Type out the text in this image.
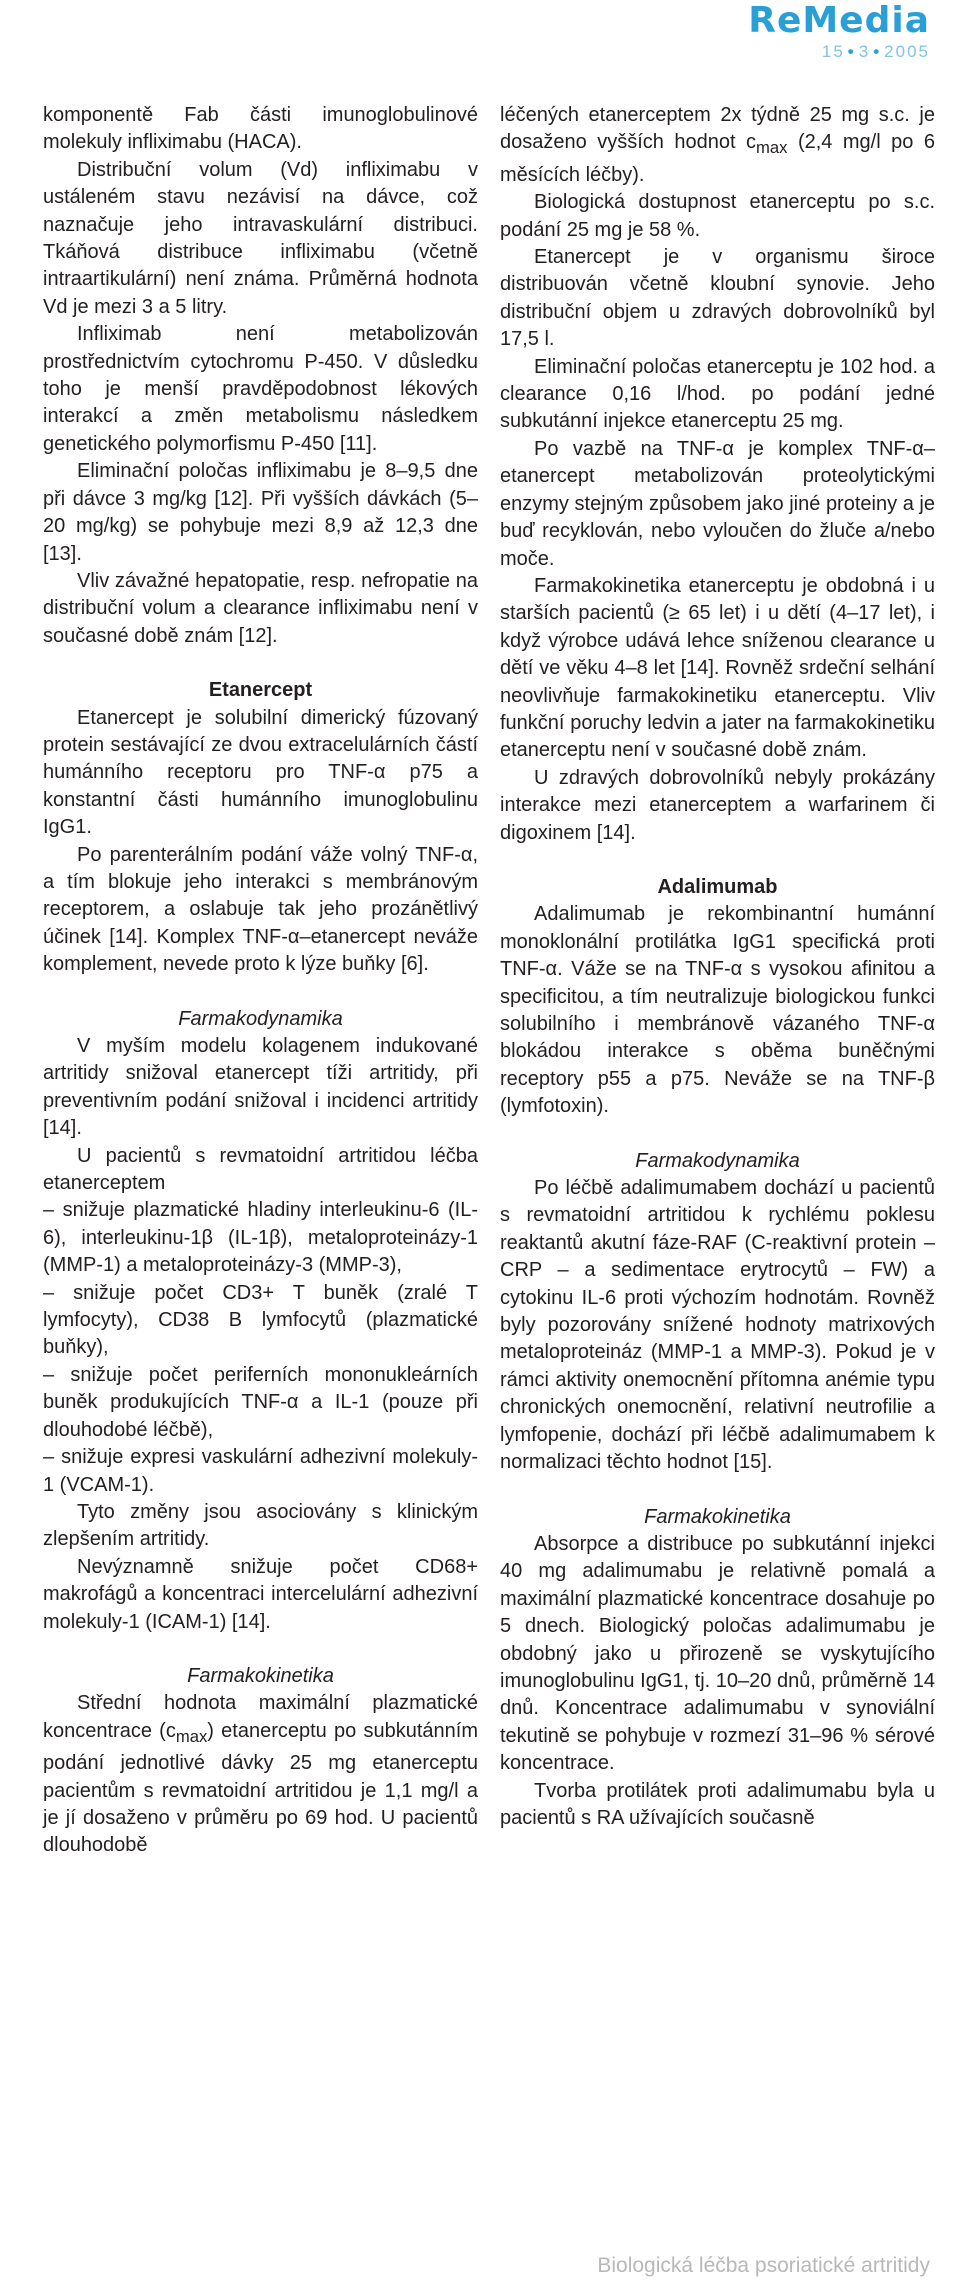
ReMedia
15 • 3 • 2005

komponentě Fab části imunoglobulinové molekuly infliximabu (HACA).

Distribuční volum (Vd) infliximabu v ustáleném stavu nezávisí na dávce, což naznačuje jeho intravaskulární distribuci. Tkáňová distribuce infliximabu (včetně intraartikulární) není známa. Průměrná hodnota Vd je mezi 3 a 5 litry.

Infliximab není metabolizován prostřednictvím cytochromu P-450. V důsledku toho je menší pravděpodobnost lékových interakcí a změn metabolismu následkem genetického polymorfismu P-450 [11].

Eliminační poločas infliximabu je 8–9,5 dne při dávce 3 mg/kg [12]. Při vyšších dávkách (5–20 mg/kg) se pohybuje mezi 8,9 až 12,3 dne [13].

Vliv závažné hepatopatie, resp. nefropatie na distribuční volum a clearance infliximabu není v současné době znám [12].

Etanercept

Etanercept je solubilní dimerický fúzovaný protein sestávající ze dvou extracelulárních částí humánního receptoru pro TNF-α p75 a konstantní části humánního imunoglobulinu IgG1.

Po parenterálním podání váže volný TNF-α, a tím blokuje jeho interakci s membránovým receptorem, a oslabuje tak jeho prozánětlivý účinek [14]. Komplex TNF-α–etanercept neváže komplement, nevede proto k lýze buňky [6].

Farmakodynamika

V myším modelu kolagenem indukované artritidy snižoval etanercept tíži artritidy, při preventivním podání snižoval i incidenci artritidy [14].

U pacientů s revmatoidní artritidou léčba etanerceptem

– snižuje plazmatické hladiny interleukinu-6 (IL-6), interleukinu-1β (IL-1β), metaloproteinázy-1 (MMP-1) a metaloproteinázy-3 (MMP-3),
– snižuje počet CD3+ T buněk (zralé T lymfocyty), CD38 B lymfocytů (plazmatické buňky),
– snižuje počet periferních mononukleárních buněk produkujících TNF-α a IL-1 (pouze při dlouhodobé léčbě),
– snižuje expresi vaskulární adhezivní molekuly-1 (VCAM-1).

Tyto změny jsou asociovány s klinickým zlepšením artritidy.

Nevýznamně snižuje počet CD68+ makrofágů a koncentraci intercelulární adhezivní molekuly-1 (ICAM-1) [14].

Farmakokinetika

Střední hodnota maximální plazmatické koncentrace $(c_{max})$ etanerceptu po subkutánním podání jednotlivé dávky 25 mg etanerceptu pacientům s revmatoidní artritidou je 1,1 mg/l a je jí dosaženo v průměru po 69 hod. U pacientů dlouhodobě

léčených etanerceptem 2x týdně 25 mg s.c. je dosaženo vyšších hodnot $c_{max}$ (2,4 mg/l po 6 měsících léčby).

Biologická dostupnost etanerceptu po s.c. podání 25 mg je 58 %.

Etanercept je v organismu široce distribuován včetně kloubní synovie. Jeho distribuční objem u zdravých dobrovolníků byl 17,5 l.

Eliminační poločas etanerceptu je 102 hod. a clearance 0,16 l/hod. po podání jedné subkutánní injekce etanerceptu 25 mg.

Po vazbě na TNF-α je komplex TNF-α–etanercept metabolizován proteolytickými enzymy stejným způsobem jako jiné proteiny a je buď recyklován, nebo vyloučen do žluče a/nebo moče.

Farmakokinetika etanerceptu je obdobná i u starších pacientů (≥ 65 let) i u dětí (4–17 let), i když výrobce udává lehce sníženou clearance u dětí ve věku 4–8 let [14]. Rovněž srdeční selhání neovlivňuje farmakokinetiku etanerceptu. Vliv funkční poruchy ledvin a jater na farmakokinetiku etanerceptu není v současné době znám.

U zdravých dobrovolníků nebyly prokázány interakce mezi etanerceptem a warfarinem či digoxinem [14].

Adalimumab

Adalimumab je rekombinantní humánní monoklonální protilátka IgG1 specifická proti TNF-α. Váže se na TNF-α s vysokou afinitou a specificitou, a tím neutralizuje biologickou funkci solubilního i membránově vázaného TNF-α blokádou interakce s oběma buněčnými receptory p55 a p75. Neváže se na TNF-β (lymfotoxin).

Farmakodynamika

Po léčbě adalimumabem dochází u pacientů s revmatoidní artritidou k rychlému poklesu reaktantů akutní fáze-RAF (C-reaktivní protein – CRP – a sedimentace erytrocytů – FW) a cytokinu IL-6 proti výchozím hodnotám. Rovněž byly pozorovány snížené hodnoty matrixových metaloproteináz (MMP-1 a MMP-3). Pokud je v rámci aktivity onemocnění přítomna anémie typu chronických onemocnění, relativní neutrofilie a lymfopenie, dochází při léčbě adalimumabem k normalizaci těchto hodnot [15].

Farmakokinetika

Absorpce a distribuce po subkutánní injekci 40 mg adalimumabu je relativně pomalá a maximální plazmatické koncentrace dosahuje po 5 dnech. Biologický poločas adalimumabu je obdobný jako u přirozeně se vyskytujícího imunoglobulinu IgG1, tj. 10–20 dnů, průměrně 14 dnů. Koncentrace adalimumabu v synoviální tekutině se pohybuje v rozmezí 31–96 % sérové koncentrace.

Tvorba protilátek proti adalimumabu byla u pacientů s RA užívajících současně

Biologická léčba psoriatické artritidy
